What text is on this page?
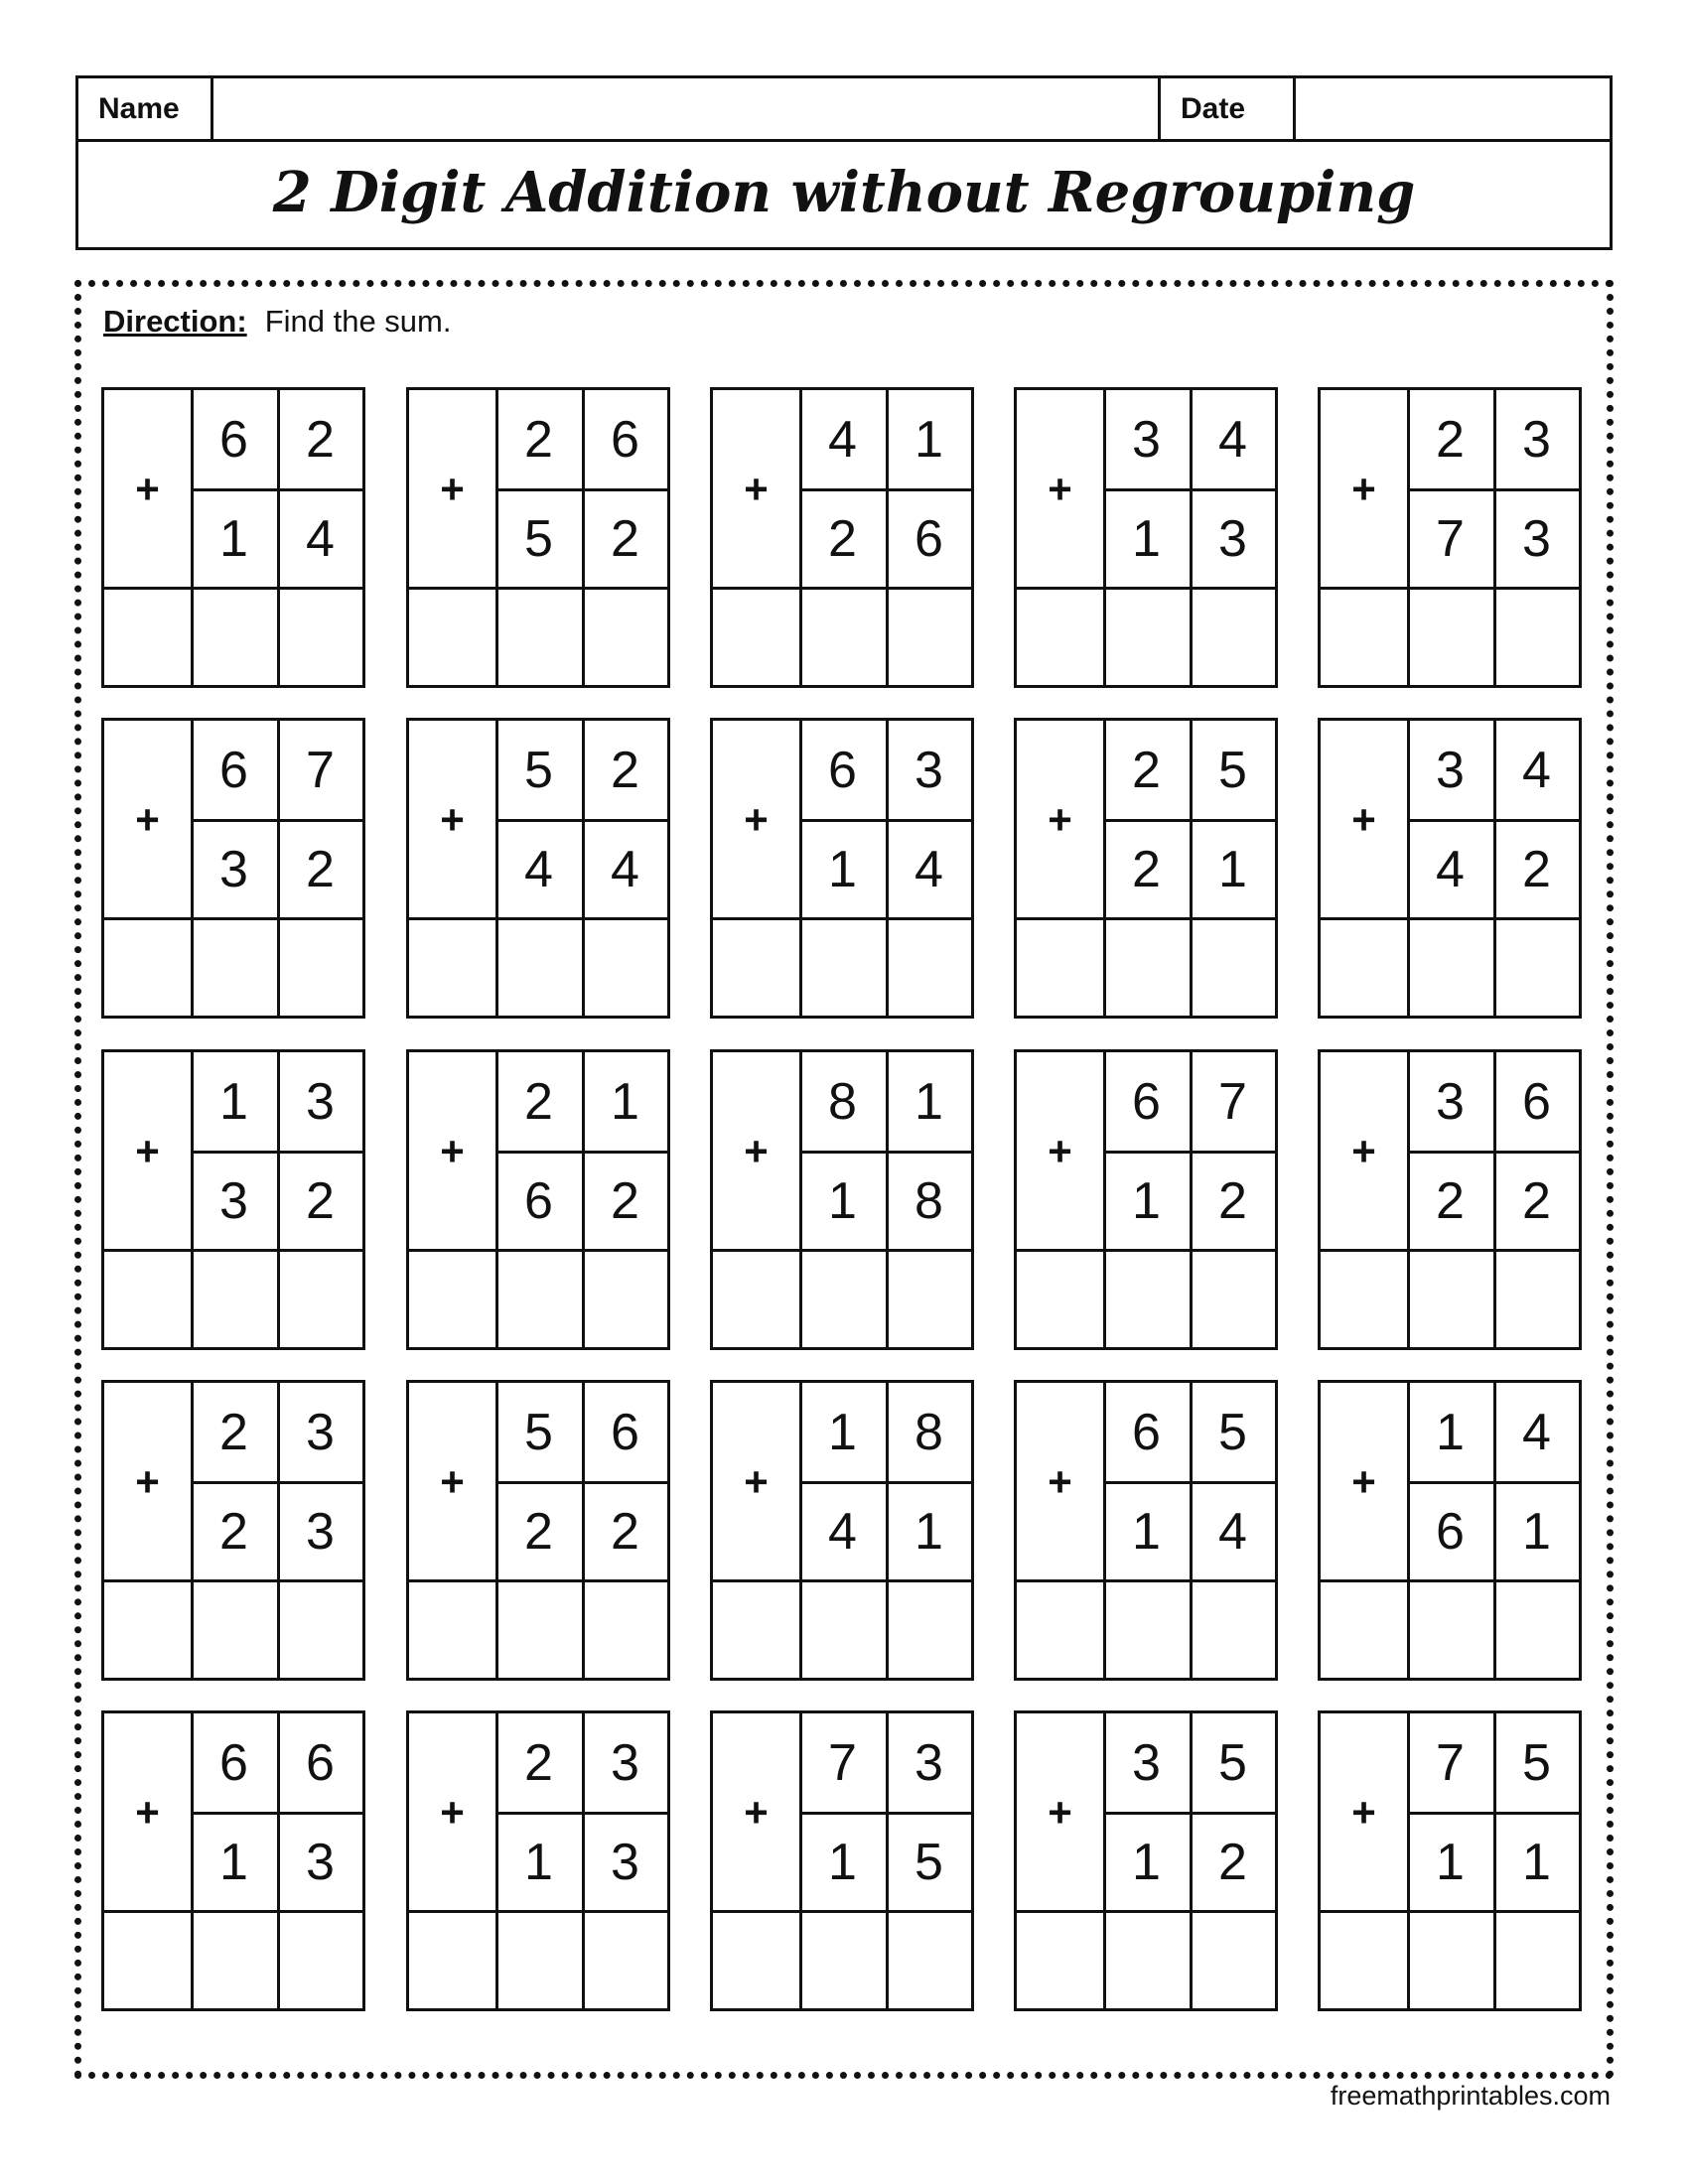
Name	Date
2 Digit Addition without Regrouping
Direction: Find the sum.
+
6	2
1	4
+
2	6
5	2
+
4	1
2	6
+
3	4
1	3
+
2	3
7	3
+
6	7
3	2
+
5	2
4	4
+
6	3
1	4
+
2	5
2	1
+
3	4
4	2
+
1	3
3	2
+
2	1
6	2
+
8	1
1	8
+
6	7
1	2
+
3	6
2	2
+
2	3
2	3
+
5	6
2	2
+
1	8
4	1
+
6	5
1	4
+
1	4
6	1
+
6	6
1	3
+
2	3
1	3
+
7	3
1	5
+
3	5
1	2
+
7	5
1	1
freemathprintables.com
